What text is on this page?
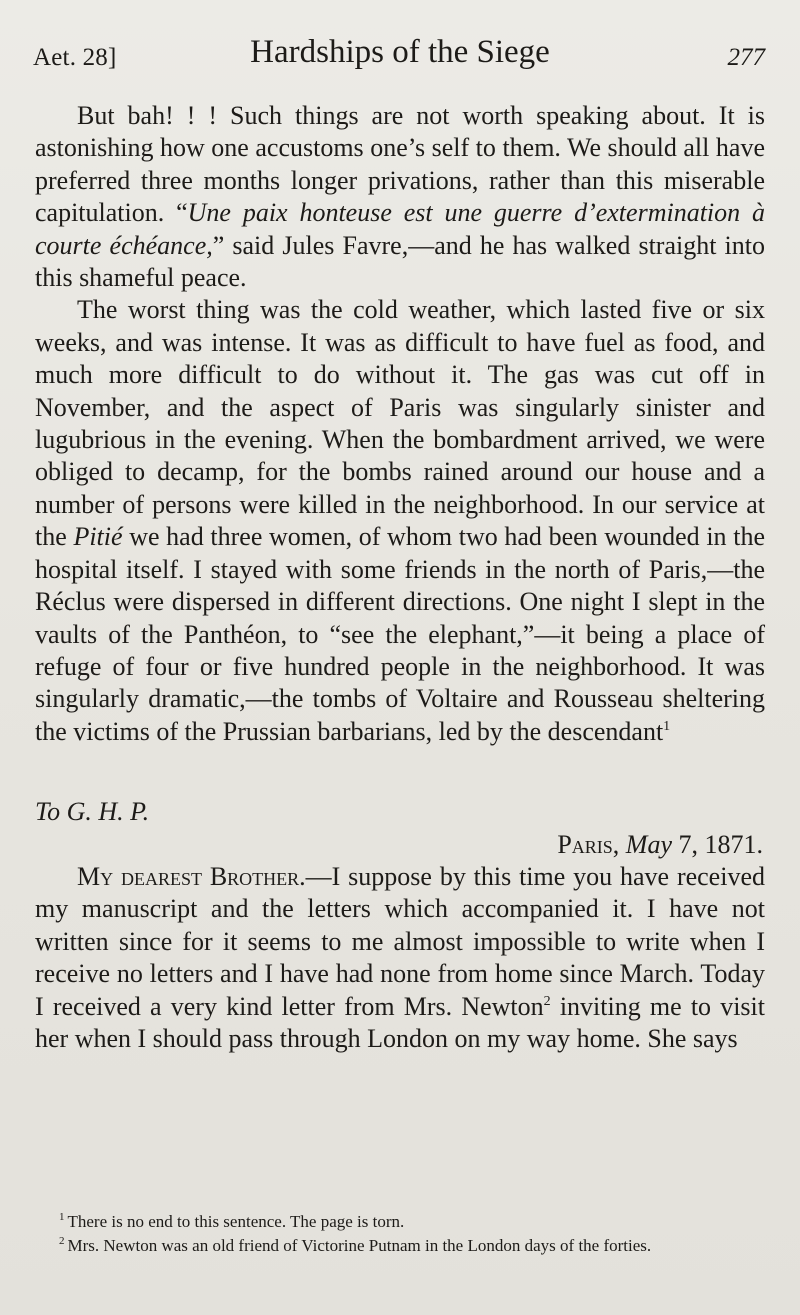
Aet. 28]	Hardships of the Siege	277

But bah! ! ! Such things are not worth speaking about. It is astonishing how one accustoms one’s self to them. We should all have preferred three months longer privations, rather than this miserable capitulation. “Une paix honteuse est une guerre d’extermination à courte échéance,” said Jules Favre,—and he has walked straight into this shameful peace.

The worst thing was the cold weather, which lasted five or six weeks, and was intense. It was as difficult to have fuel as food, and much more difficult to do without it. The gas was cut off in November, and the aspect of Paris was singularly sinister and lugubrious in the evening. When the bombardment arrived, we were obliged to decamp, for the bombs rained around our house and a number of persons were killed in the neighborhood. In our service at the Pitié we had three women, of whom two had been wounded in the hospital itself. I stayed with some friends in the north of Paris,—the Réclus were dispersed in different directions. One night I slept in the vaults of the Panthéon, to “see the elephant,”—it being a place of refuge of four or five hundred people in the neighborhood. It was singularly dramatic,—the tombs of Voltaire and Rousseau sheltering the victims of the Prussian barbarians, led by the descendant$^1$

To G. H. P.

Paris, May 7, 1871.

My dearest Brother.—I suppose by this time you have received my manuscript and the letters which accompanied it. I have not written since for it seems to me almost impossible to write when I receive no letters and I have had none from home since March. Today I received a very kind letter from Mrs. Newton$^2$ inviting me to visit her when I should pass through London on my way home. She says

$^1$ There is no end to this sentence. The page is torn.

$^2$ Mrs. Newton was an old friend of Victorine Putnam in the London days of the forties.
